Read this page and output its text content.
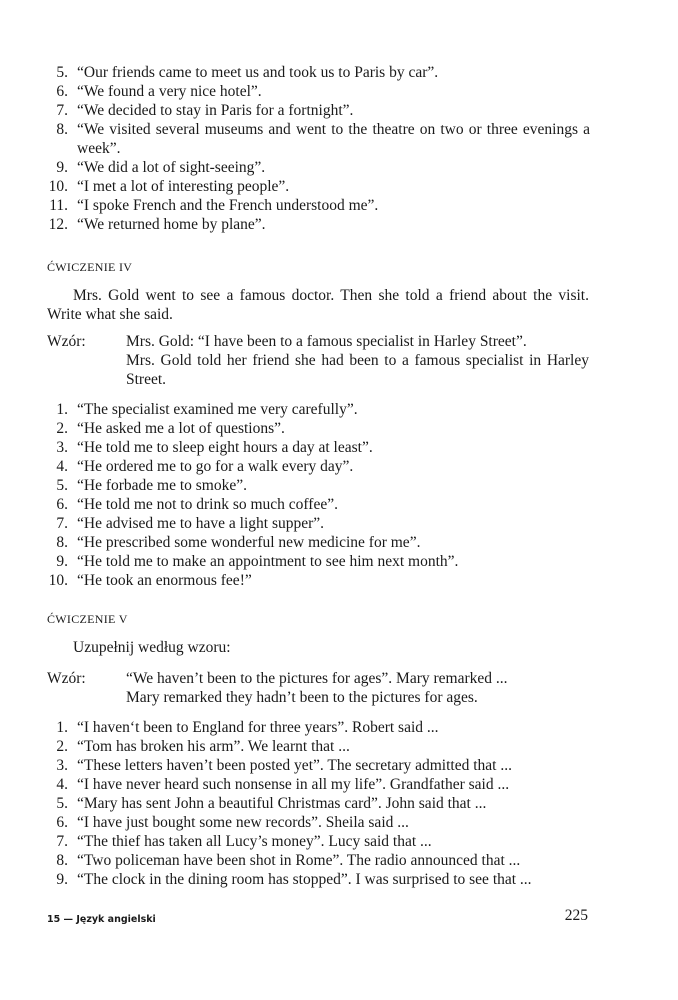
5. “Our friends came to meet us and took us to Paris by car”.
6. “We found a very nice hotel”.
7. “We decided to stay in Paris for a fortnight”.
8. “We visited several museums and went to the theatre on two or three evenings a week”.
9. “We did a lot of sight-seeing”.
10. “I met a lot of interesting people”.
11. “I spoke French and the French understood me”.
12. “We returned home by plane”.
ĆWICZENIE IV
Mrs. Gold went to see a famous doctor. Then she told a friend about the visit. Write what she said.
Wzór:	Mrs. Gold: “I have been to a famous specialist in Harley Street”.

Mrs. Gold told her friend she had been to a famous specialist in Harley Street.

1. “The specialist examined me very carefully”.
2. “He asked me a lot of questions”.
3. “He told me to sleep eight hours a day at least”.
4. “He ordered me to go for a walk every day”.
5. “He forbade me to smoke”.
6. “He told me not to drink so much coffee”.
7. “He advised me to have a light supper”.
8. “He prescribed some wonderful new medicine for me”.
9. “He told me to make an appointment to see him next month”.
10. “He took an enormous fee!”
ĆWICZENIE V
Uzupełnij według wzoru:
Wzór:	“We haven’t been to the pictures for ages”. Mary remarked ...

Mary remarked they hadn’t been to the pictures for ages.

1. “I haven‘t been to England for three years”. Robert said ...
2. “Tom has broken his arm”. We learnt that ...
3. “These letters haven’t been posted yet”. The secretary admitted that ...
4. “I have never heard such nonsense in all my life”. Grandfather said ...
5. “Mary has sent John a beautiful Christmas card”. John said that ...
6. “I have just bought some new records”. Sheila said ...
7. “The thief has taken all Lucy’s money”. Lucy said that ...
8. “Two policeman have been shot in Rome”. The radio announced that ...
9. “The clock in the dining room has stopped”. I was surprised to see that ...
15 — Język angielski	225
